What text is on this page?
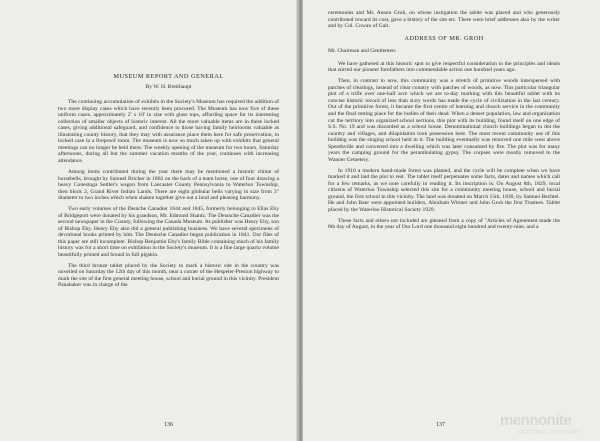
MUSEUM REPORT AND GENERAL

By W. H. Breithaupt

The continuing accumulation of exhibits in the Society's Museum has required the addition of two more display cases which have recently been procured. The Museum has now five of these uniform cases, approximately 2' x 10' in size with glass tops, affording space for its interesting collection of smaller objects of historic interest. All the more valuable items are in these locked cases, giving additional safeguard, and confidence to those having family heirlooms valuable as illustrating county history, that they may with assurance place them here for safe preservation, in locked case in a fireproof room. The museum is now so much taken up with exhibits that general meetings can no longer be held there. The weekly opening of the museum for two hours, Saturday afternoons, during all but the summer vacation months of the year, continues with increasing attendance.

Among items contributed during the year there may be mentioned a historic chime of horsebells, brought by Samuel Bricker in 1802 on the back of a team horse, one of four drawing a heavy Conestoga Settler's wagon from Lancaster County Pennsylvania to Waterloo Township, then block 2, Grand River Indian Lands. There are eight globular bells varying in size from 3" diameter to two inches which when shaken together give out a loud and pleasing harmony.

Two early volumes of the Deutche Canadier 1844 and 1845, formerly belonging to Elias Eby of Bridgeport were donated by his grandson, Mr. Edmund Shantz. The Deutsche Canadier was the second newspaper in the County, following the Canada Museum. Its publisher was Henry Eby, son of Bishop Eby. Henry Eby also did a general publishing business. We have several specimens of devotional books printed by him. The Deutsche Canadier began publication in 1841. Our files of this paper are still incomplete. Bishop Benjamin Eby's family Bible containing much of his family history was for a short time on exhibition in the Society's museum. It is a fine large quarto volume beautifully printed and bound in full pigskin.

The third bronze tablet placed by the Society to mark a historic site in the country was unveiled on Saturday the 12th day of this month, near a corner of the Hespeler-Preston highway to mark the site of the first general meeting house, school and burial ground in this vicinity. President Panabaker was in charge of the

136

ceremonies and Mr. Anson Groh, on whose instigation the tablet was placed and who generously contributed toward its cost, gave a history of the site etc. There were brief addresses also by the writer and by Col. Cowan of Galt.

ADDRESS OF MR. GROH

Mr. Chairman and Gentlemen:

We have gathered at this historic spot to give respectful consideration to the principles and ideals that stirred our pioneer forefathers into commendable action one hundred years ago.

Then, in contrast to now, this community was a stretch of primitive woods interspersed with patches of clearings, instead of clear country with patches of woods, as now. This particular triangular plot of a trifle over one-half acre which we are to-day marking with this beautiful tablet with its concise historic record of less than sixty words has made the cycle of civilization in the last century. Out of the primitive forest, it became the first centre of learning and church service in the community and the final resting place for the bodies of their dead. When a denser population, law and organization cut the territory into organized school sections, this plot with its building, found itself on one edge of S.S. No. 19 and was discarded as a school house. Denominational church buildings began to dot the country and villages, and dilapidation took possession here. The most recent community use of this building was the singing school held in it. The building eventually was removed one mile west above Speedsville and converted into a dwelling which was later consumed by fire. The plot was for many years the camping ground for the perambulating gypsy. The corpses were mostly removed to the Wanner Cemetery.

In 1910 a modern hand-made forest was planted, and the cycle will be complete when we have marked it and laid the plot to rest. The tablet itself perpetuates some facts, dates and names which call for a few remarks, as we note carefully in reading it. Its inscription is: On August 8th, 1829, local citizens of Waterloo Township selected this site for a community meeting house, school and burial ground, the first school in this vicinity. The land was donated on March 15th, 1830, by Samuel Bechtel. He and John Baer were appointed builders, Abraham Witmer and John Groh the first Trustees. Tablet placed by the Waterloo Historical Society 1929.

These facts and others not included are gleaned from a copy of "Articles of Agreement made the 8th day of August, in the year of Our Lord one thousand eight hundred and twenty-nine, and a

137	mennonite
HERITAGE PORTRAIT
